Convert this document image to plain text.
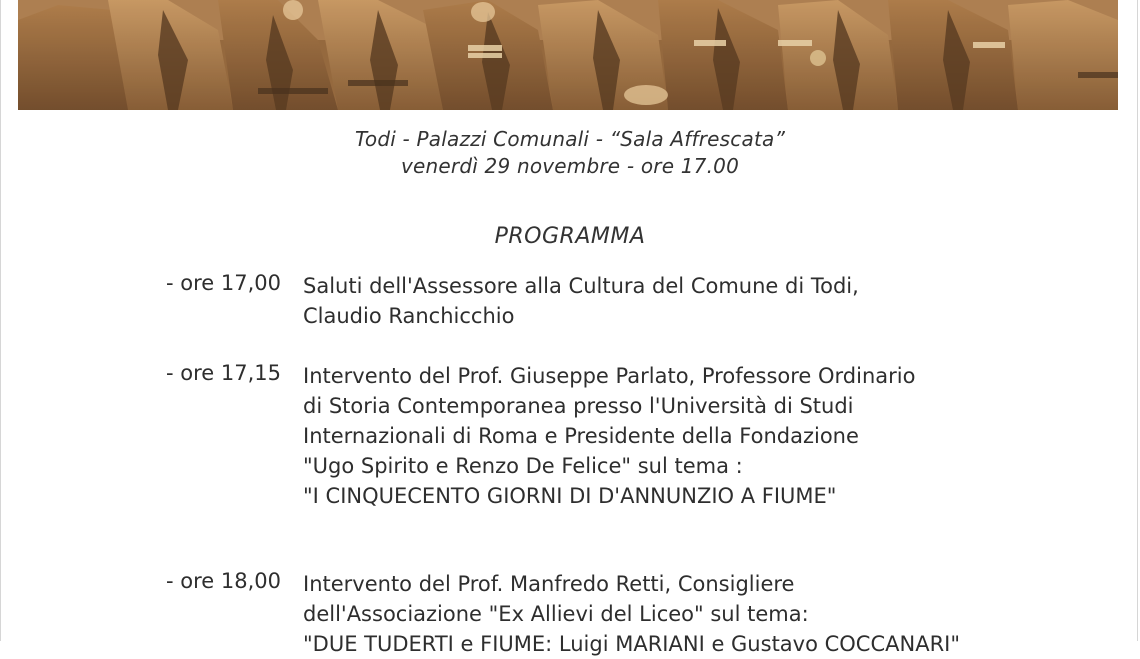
Todi - Palazzi Comunali - “Sala Affrescata”
venerdì 29 novembre - ore 17.00
PROGRAMMA
- ore 17,00 Saluti dell'Assessore alla Cultura del Comune di Todi,
Claudio Ranchicchio
- ore 17,15 Intervento del Prof. Giuseppe Parlato, Professore Ordinario
di Storia Contemporanea presso l'Università di Studi
Internazionali di Roma e Presidente della Fondazione
"Ugo Spirito e Renzo De Felice" sul tema :
"I CINQUECENTO GIORNI DI D'ANNUNZIO A FIUME"
- ore 18,00 Intervento del Prof. Manfredo Retti, Consigliere
dell'Associazione "Ex Allievi del Liceo" sul tema:
"DUE TUDERTI e FIUME: Luigi MARIANI e Gustavo COCCANARI"
